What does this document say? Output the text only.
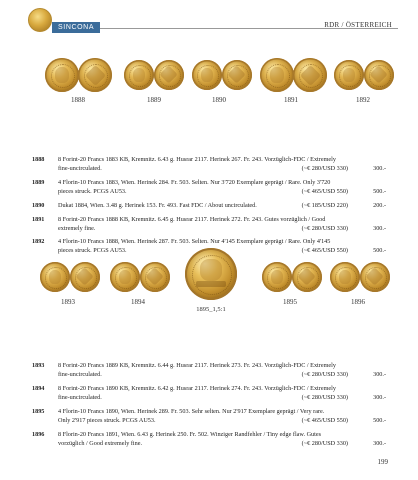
SINCONA	RDR / ÖSTERREICH
1888	1889	1890	1891	1892
1888 8 Forint-20 Francs 1883 KB, Kremnitz. 6.43 g. Husrar 2117. Herinek 267. Fr. 243. Vorzüglich-FDC / Extremely fine-uncirculated.	(~€ 280/USD 330)	300.-
1889 4 Florin-10 Francs 1883, Wien. Herinek 284. Fr. 503. Selten. Nur 3'720 Exemplare geprägt / Rare. Only 3'720 pieces struck. PCGS AU53.	(~€ 465/USD 550)	500.-
1890 Dukat 1884, Wien. 3.48 g. Herinek 153. Fr. 493. Fast FDC / About uncirculated.	(~€ 185/USD 220)	200.-
1891 8 Forint-20 Francs 1888 KB, Kremnitz. 6.45 g. Husrar 2117. Herinek 272. Fr. 243. Gutes vorzüglich / Good extremely fine.	(~€ 280/USD 330)	300.-
1892 4 Florin-10 Francs 1888, Wien. Herinek 287. Fr. 503. Selten. Nur 4'145 Exemplare geprägt / Rare. Only 4'145 pieces struck. PCGS AU53.	(~€ 465/USD 550)	500.-
1893	1894
1895_1,5:1
1895	1896
1893 8 Forint-20 Francs 1889 KB, Kremnitz. 6.44 g. Husrar 2117. Herinek 273. Fr. 243. Vorzüglich-FDC / Extremely fine-uncirculated.	(~€ 280/USD 330)	300.-
1894 8 Forint-20 Francs 1890 KB, Kremnitz. 6.42 g. Husrar 2117. Herinek 274. Fr. 243. Vorzüglich-FDC / Extremely fine-uncirculated.	(~€ 280/USD 330)	300.-
1895 4 Florin-10 Francs 1890, Wien. Herinek 289. Fr. 503. Sehr selten. Nur 2'917 Exemplare geprägt / Very rare. Only 2'917 pieces struck. PCGS AU53.	(~€ 465/USD 550)	500.-
1896 8 Florin-20 Francs 1891, Wien. 6.43 g. Herinek 250. Fr. 502. Winziger Randfehler / Tiny edge flaw. Gutes vorzüglich / Good extremely fine.	(~€ 280/USD 330)	300.-
199
